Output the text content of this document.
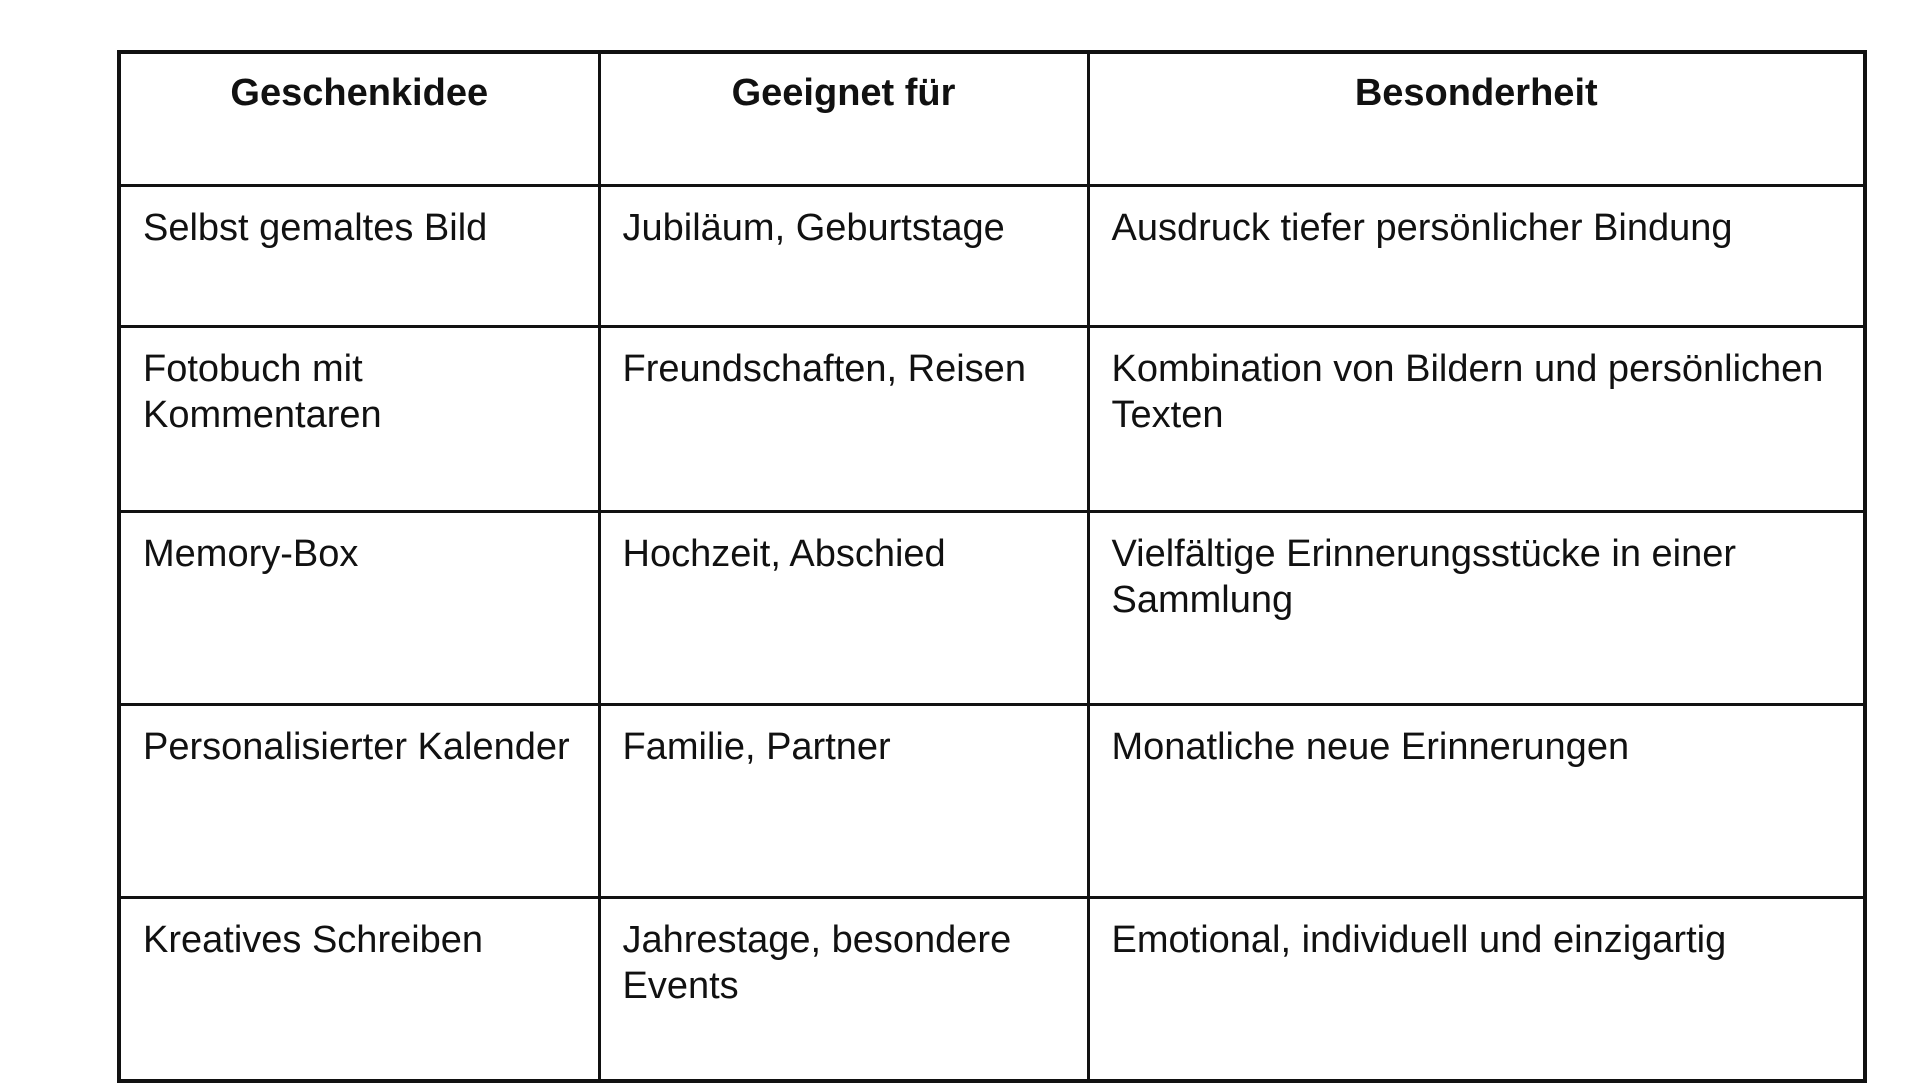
Geschenkidee	Geeignet für	Besonderheit
Selbst gemaltes Bild	Jubiläum, Geburtstage	Ausdruck tiefer persönlicher Bindung
Fotobuch mit Kommentaren	Freundschaften, Reisen	Kombination von Bildern und persönlichen Texten
Memory-Box	Hochzeit, Abschied	Vielfältige Erinnerungsstücke in einer Sammlung
Personalisierter Kalender	Familie, Partner	Monatliche neue Erinnerungen
Kreatives Schreiben	Jahrestage, besondere Events	Emotional, individuell und einzigartig
